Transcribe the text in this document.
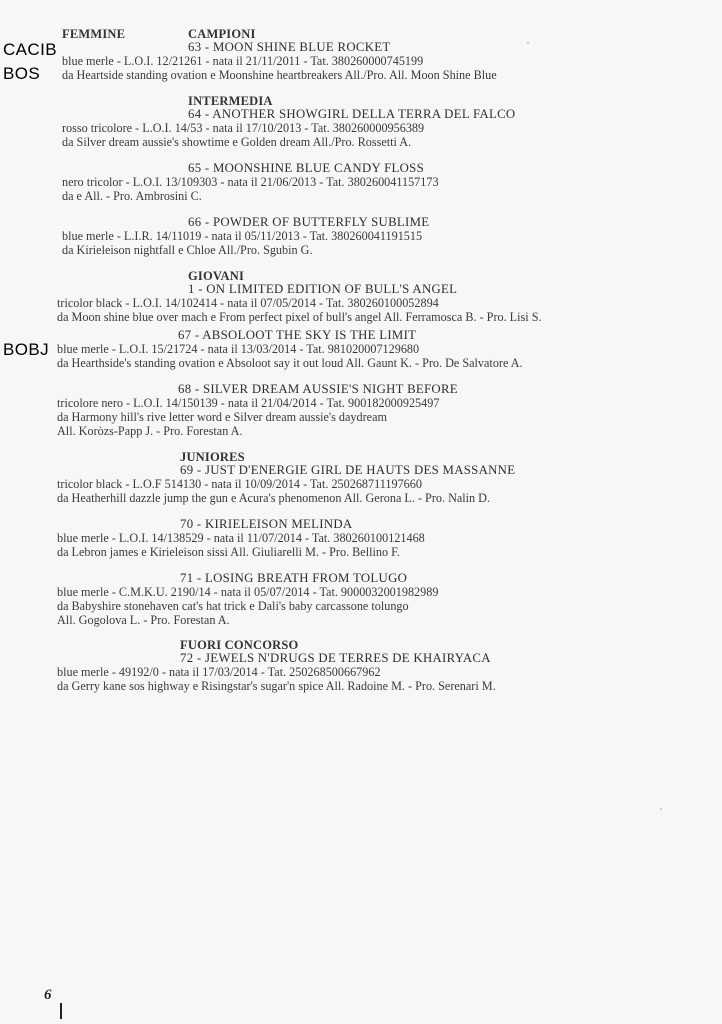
CACIB
BOS
BOBJ
FEMMINE	CAMPIONI
63 - MOON SHINE BLUE ROCKET
blue merle - L.O.I. 12/21261 - nata il 21/11/2011 - Tat. 380260000745199
da Heartside standing ovation e Moonshine heartbreakers All./Pro. All. Moon Shine Blue
INTERMEDIA
64 - ANOTHER SHOWGIRL DELLA TERRA DEL FALCO
rosso tricolore - L.O.I. 14/53 - nata il 17/10/2013 - Tat. 380260000956389
da Silver dream aussie's showtime e Golden dream All./Pro. Rossetti A.
65 - MOONSHINE BLUE CANDY FLOSS
nero tricolor - L.O.I. 13/109303 - nata il 21/06/2013 - Tat. 380260041157173
da e All. - Pro. Ambrosini C.
66 - POWDER OF BUTTERFLY SUBLIME
blue merle - L.I.R. 14/11019 - nata il 05/11/2013 - Tat. 380260041191515
da Kirieleison nightfall e Chloe All./Pro. Sgubin G.
GIOVANI
1 - ON LIMITED EDITION OF BULL'S ANGEL
tricolor black - L.O.I. 14/102414 - nata il 07/05/2014 - Tat. 380260100052894
da Moon shine blue over mach e From perfect pixel of bull's angel All. Ferramosca B. - Pro. Lisi S.
67 - ABSOLOOT THE SKY IS THE LIMIT
blue merle - L.O.I. 15/21724 - nata il 13/03/2014 - Tat. 981020007129680
da Hearthside's standing ovation e Absoloot say it out loud All. Gaunt K. - Pro. De Salvatore A.
68 - SILVER DREAM AUSSIE'S NIGHT BEFORE
tricolore nero - L.O.I. 14/150139 - nata il 21/04/2014 - Tat. 900182000925497
da Harmony hill's rive letter word e Silver dream aussie's daydream
All. Koròzs-Papp J. - Pro. Forestan A.
JUNIORES
69 - JUST D'ENERGIE GIRL DE HAUTS DES MASSANNE
tricolor black - L.O.F 514130 - nata il 10/09/2014 - Tat. 250268711197660
da Heatherhill dazzle jump the gun e Acura's phenomenon All. Gerona L. - Pro. Nalin D.
70 - KIRIELEISON MELINDA
blue merle - L.O.I. 14/138529 - nata il 11/07/2014 - Tat. 380260100121468
da Lebron james e Kirieleison sissi All. Giuliarelli M. - Pro. Bellino F.
71 - LOSING BREATH FROM TOLUGO
blue merle - C.M.K.U. 2190/14 - nata il 05/07/2014 - Tat. 9000032001982989
da Babyshire stonehaven cat's hat trick e Dali's baby carcassone tolungo
All. Gogolova L. - Pro. Forestan A.
FUORI CONCORSO
72 - JEWELS N'DRUGS DE TERRES DE KHAIRYACA
blue merle - 49192/0 - nata il 17/03/2014 - Tat. 250268500667962
da Gerry kane sos highway e Risingstar's sugar'n spice All. Radoine M. - Pro. Serenari M.
6
